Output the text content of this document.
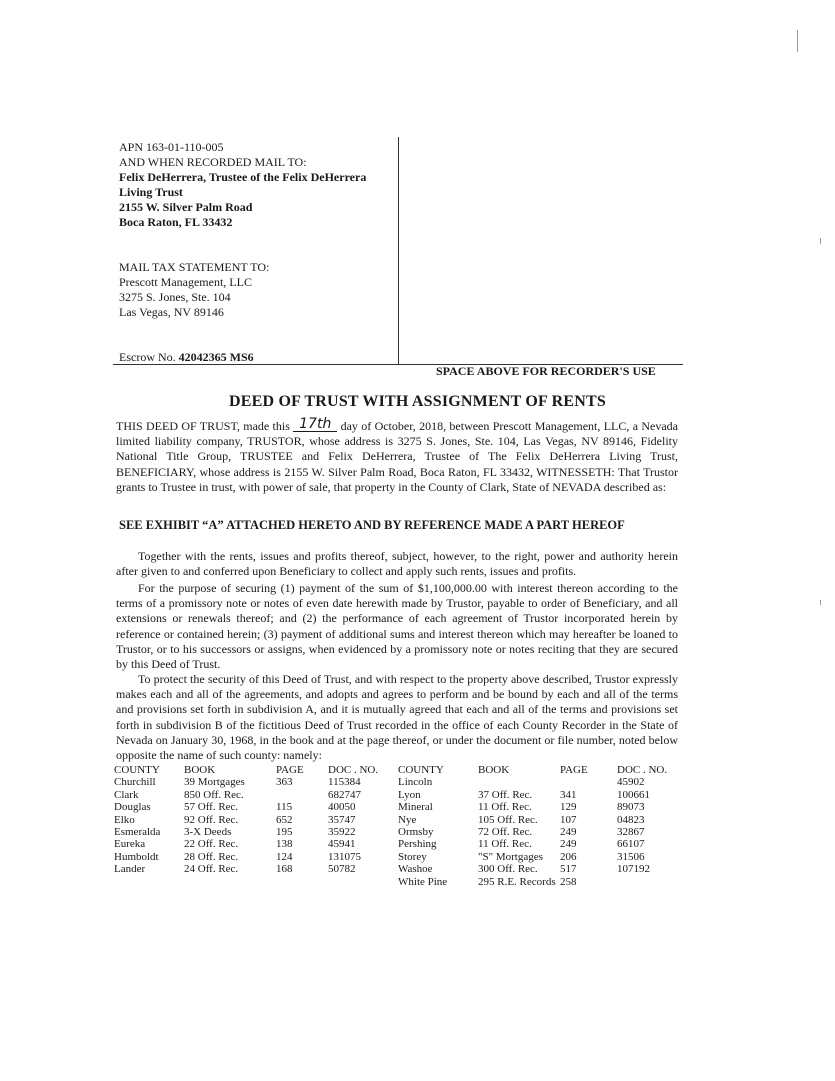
APN 163-01-110-005
AND WHEN RECORDED MAIL TO:
Felix DeHerrera, Trustee of the Felix DeHerrera
Living Trust
2155 W. Silver Palm Road
Boca Raton, FL 33432
MAIL TAX STATEMENT TO:
Prescott Management, LLC
3275 S. Jones, Ste. 104
Las Vegas, NV 89146
Escrow No. 42042365 MS6
SPACE ABOVE FOR RECORDER'S USE
DEED OF TRUST WITH ASSIGNMENT OF RENTS
THIS DEED OF TRUST, made this 17th day of October, 2018, between Prescott Management, LLC, a Nevada limited liability company, TRUSTOR, whose address is 3275 S. Jones, Ste. 104, Las Vegas, NV 89146, Fidelity National Title Group, TRUSTEE and Felix DeHerrera, Trustee of The Felix DeHerrera Living Trust, BENEFICIARY, whose address is 2155 W. Silver Palm Road, Boca Raton, FL 33432, WITNESSETH: That Trustor grants to Trustee in trust, with power of sale, that property in the County of Clark, State of NEVADA described as:
SEE EXHIBIT “A” ATTACHED HERETO AND BY REFERENCE MADE A PART HEREOF
Together with the rents, issues and profits thereof, subject, however, to the right, power and authority herein after given to and conferred upon Beneficiary to collect and apply such rents, issues and profits.
For the purpose of securing (1) payment of the sum of $1,100,000.00 with interest thereon according to the terms of a promissory note or notes of even date herewith made by Trustor, payable to order of Beneficiary, and all extensions or renewals thereof; and (2) the performance of each agreement of Trustor incorporated herein by reference or contained herein; (3) payment of additional sums and interest thereon which may hereafter be loaned to Trustor, or to his successors or assigns, when evidenced by a promissory note or notes reciting that they are secured by this Deed of Trust.
To protect the security of this Deed of Trust, and with respect to the property above described, Trustor expressly makes each and all of the agreements, and adopts and agrees to perform and be bound by each and all of the terms and provisions set forth in subdivision A, and it is mutually agreed that each and all of the terms and provisions set forth in subdivision B of the fictitious Deed of Trust recorded in the office of each County Recorder in the State of Nevada on January 30, 1968, in the book and at the page thereof, or under the document or file number, noted below opposite the name of such county: namely:
COUNTY	BOOK	PAGE	DOC . NO.	COUNTY	BOOK	PAGE	DOC . NO.
Churchill	39 Mortgages	363	115384	Lincoln			45902
Clark	850 Off. Rec.		682747	Lyon	37 Off. Rec.	341	100661
Douglas	57 Off. Rec.	115	40050	Mineral	11 Off. Rec.	129	89073
Elko	92 Off. Rec.	652	35747	Nye	105 Off. Rec.	107	04823
Esmeralda	3-X Deeds	195	35922	Ormsby	72 Off. Rec.	249	32867
Eureka	22 Off. Rec.	138	45941	Pershing	11 Off. Rec.	249	66107
Humboldt	28 Off. Rec.	124	131075	Storey	"S" Mortgages	206	31506
Lander	24 Off. Rec.	168	50782	Washoe	300 Off. Rec.	517	107192
				White Pine	295 R.E. Records	258	
